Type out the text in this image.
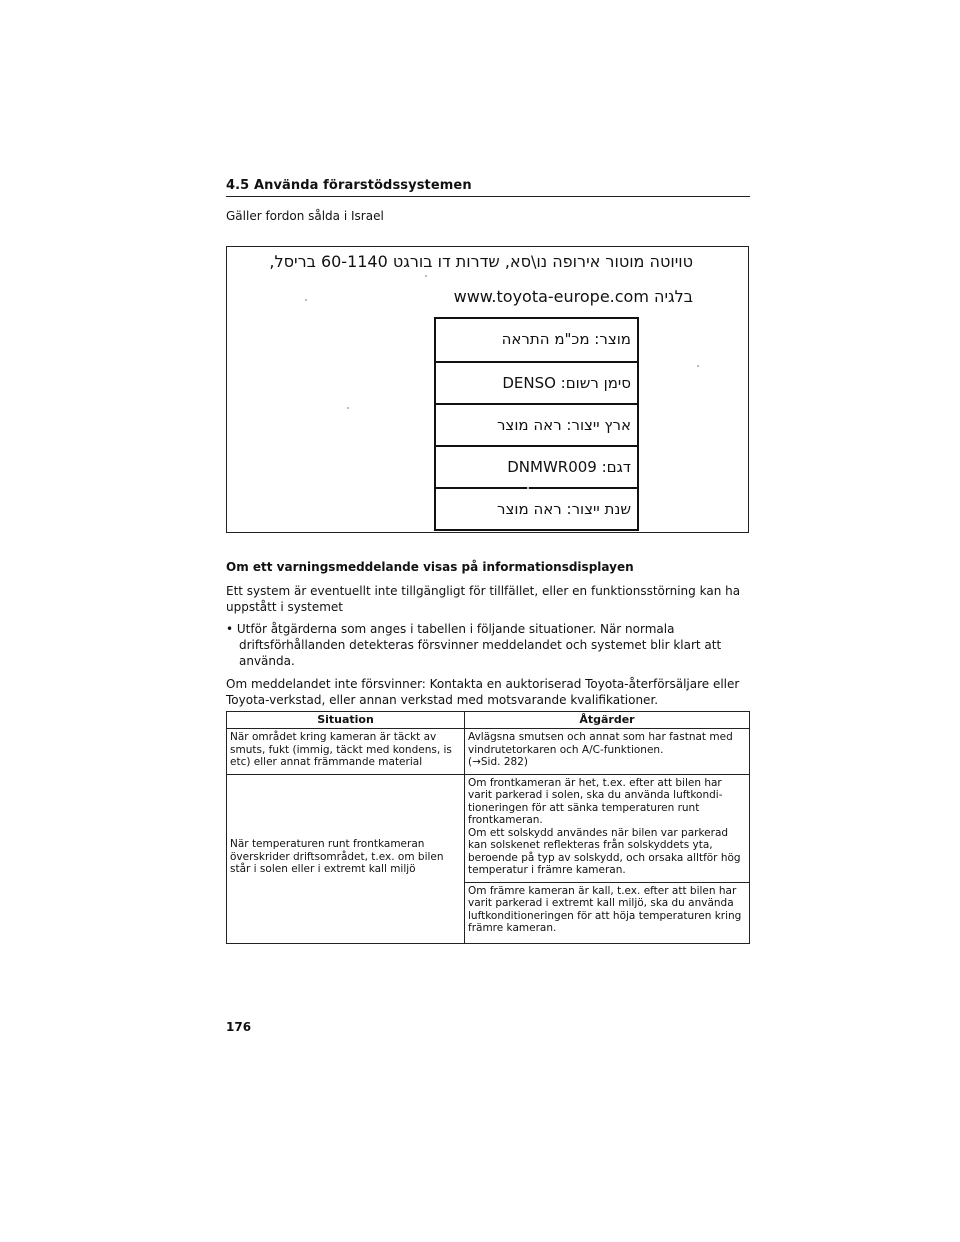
4.5 Använda förarstödssystemen
Gäller fordon sålda i Israel
טויוטה מוטור אירופה נו\סא, שדרות דו בורגט 60-1140 בריסל,
בלגיה www.toyota-europe.com
מוצר: מכ"מ התראה
סימן רשום: DENSO
ארץ ייצור: ראה מוצר
דגם: DNMWR009
שנת ייצור: ראה מוצר
Om ett varningsmeddelande visas på informationsdisplayen
Ett system är eventuellt inte tillgängligt för tillfället, eller en funktionsstörning kan ha uppstått i systemet
• Utför åtgärderna som anges i tabellen i följande situationer. När normala driftsförhållanden detekteras försvinner meddelandet och systemet blir klart att använda.
Om meddelandet inte försvinner: Kontakta en auktoriserad Toyota-återförsäljare eller Toyota-verkstad, eller annan verkstad med motsvarande kvalifikationer.
Situation	Åtgärder
När området kring kameran är täckt av smuts, fukt (immig, täckt med kondens, is etc) eller annat främmande material	Avlägsna smutsen och annat som har fastnat med vindrutetorkaren och A/C-funktionen.
(→Sid. 282)
När temperaturen runt frontkameran överskrider driftsområdet, t.ex. om bilen står i solen eller i extremt kall miljö	Om frontkameran är het, t.ex. efter att bilen har varit parkerad i solen, ska du använda luftkondi-tioneringen för att sänka temperaturen runt frontkameran.
Om ett solskydd användes när bilen var parkerad kan solskenet reflekteras från solskyddets yta, beroende på typ av solskydd, och orsaka alltför hög temperatur i främre kameran.
	Om främre kameran är kall, t.ex. efter att bilen har varit parkerad i extremt kall miljö, ska du använda luftkonditioneringen för att höja temperaturen kring främre kameran.
176
